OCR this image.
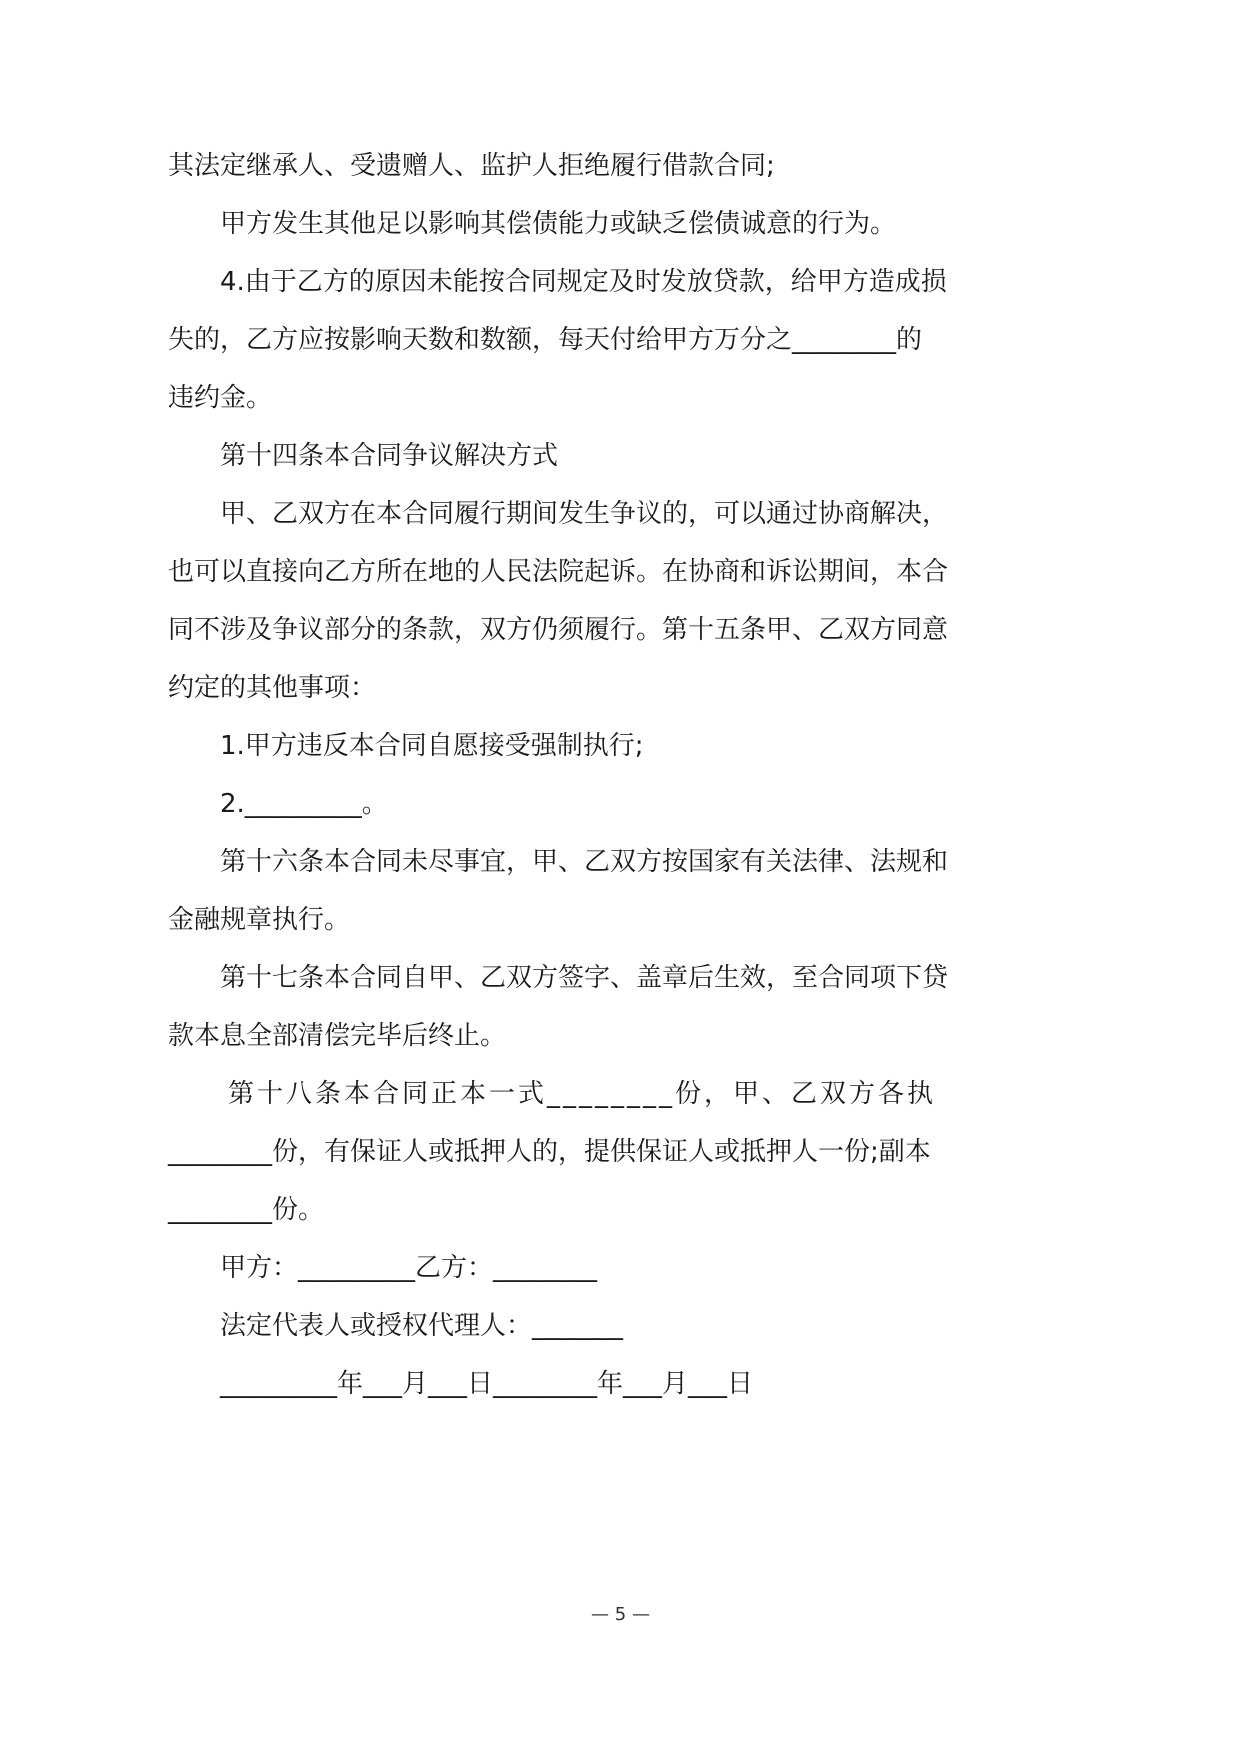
其法定继承人、受遗赠人、监护人拒绝履行借款合同;
甲方发生其他足以影响其偿债能力或缺乏偿债诚意的行为。
4.由于乙方的原因未能按合同规定及时发放贷款，给甲方造成损
失的，乙方应按影响天数和数额，每天付给甲方万分之________的
违约金。
第十四条本合同争议解决方式
甲、乙双方在本合同履行期间发生争议的，可以通过协商解决，
也可以直接向乙方所在地的人民法院起诉。在协商和诉讼期间，本合
同不涉及争议部分的条款，双方仍须履行。第十五条甲、乙双方同意
约定的其他事项：
1.甲方违反本合同自愿接受强制执行;
2._________。
第十六条本合同未尽事宜，甲、乙双方按国家有关法律、法规和
金融规章执行。
第十七条本合同自甲、乙双方签字、盖章后生效，至合同项下贷
款本息全部清偿完毕后终止。
第十八条本合同正本一式________份，甲、乙双方各执
________份，有保证人或抵押人的，提供保证人或抵押人一份;副本
________份。
甲方：_________乙方：________
法定代表人或授权代理人：_______
_________年___月___日________年___月___日
— 5 —
